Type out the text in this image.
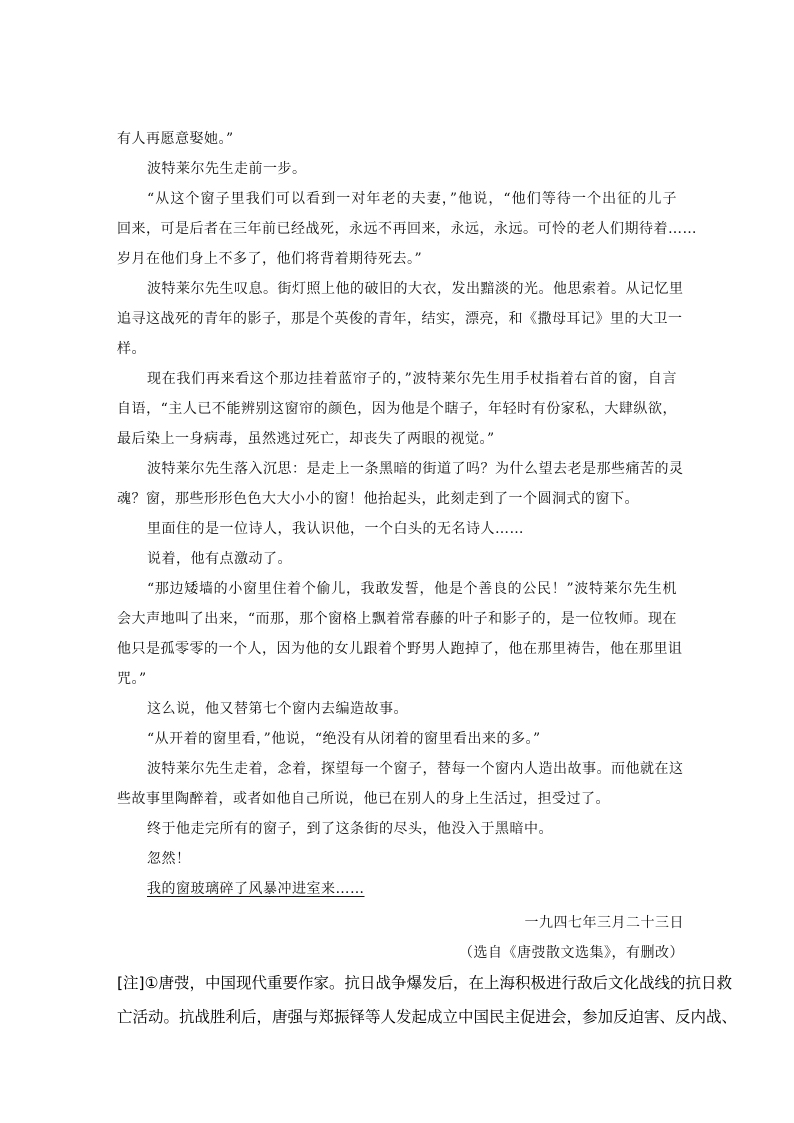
有人再愿意娶她。”
波特莱尔先生走前一步。
“从这个窗子里我们可以看到一对年老的夫妻，”他说，“他们等待一个出征的儿子
回来，可是后者在三年前已经战死，永远不再回来，永远，永远。可怜的老人们期待着……
岁月在他们身上不多了，他们将背着期待死去。”
波特莱尔先生叹息。街灯照上他的破旧的大衣，发出黯淡的光。他思索着。从记忆里
追寻这战死的青年的影子，那是个英俊的青年，结实，漂亮，和《撒母耳记》里的大卫一
样。
现在我们再来看这个那边挂着蓝帘子的，”波特莱尔先生用手杖指着右首的窗，自言
自语，“主人已不能辨别这窗帘的颜色，因为他是个瞎子，年轻时有份家私，大肆纵欲，
最后染上一身病毒，虽然逃过死亡，却丧失了两眼的视觉。”
波特莱尔先生落入沉思：是走上一条黑暗的街道了吗？为什么望去老是那些痛苦的灵
魂？窗，那些形形色色大大小小的窗！他抬起头，此刻走到了一个圆洞式的窗下。
里面住的是一位诗人，我认识他，一个白头的无名诗人……
说着，他有点激动了。
“那边矮墙的小窗里住着个偷儿，我敢发誓，他是个善良的公民！”波特莱尔先生机
会大声地叫了出来，“而那，那个窗格上飘着常春藤的叶子和影子的，是一位牧师。现在
他只是孤零零的一个人，因为他的女儿跟着个野男人跑掉了，他在那里祷告，他在那里诅
咒。”
这么说，他又替第七个窗内去编造故事。
“从开着的窗里看，”他说，“绝没有从闭着的窗里看出来的多。”
波特莱尔先生走着，念着，探望每一个窗子，替每一个窗内人造出故事。而他就在这
些故事里陶醉着，或者如他自己所说，他已在别人的身上生活过，担受过了。
终于他走完所有的窗子，到了这条街的尽头，他没入于黑暗中。
忽然！
我的窗玻璃碎了风暴冲进室来……
一九四七年三月二十三日
（选自《唐弢散文选集》，有删改）
[注]①唐弢，中国现代重要作家。抗日战争爆发后，在上海积极进行敌后文化战线的抗日救
亡活动。抗战胜利后，唐强与郑振铎等人发起成立中国民主促进会，参加反迫害、反内战、
